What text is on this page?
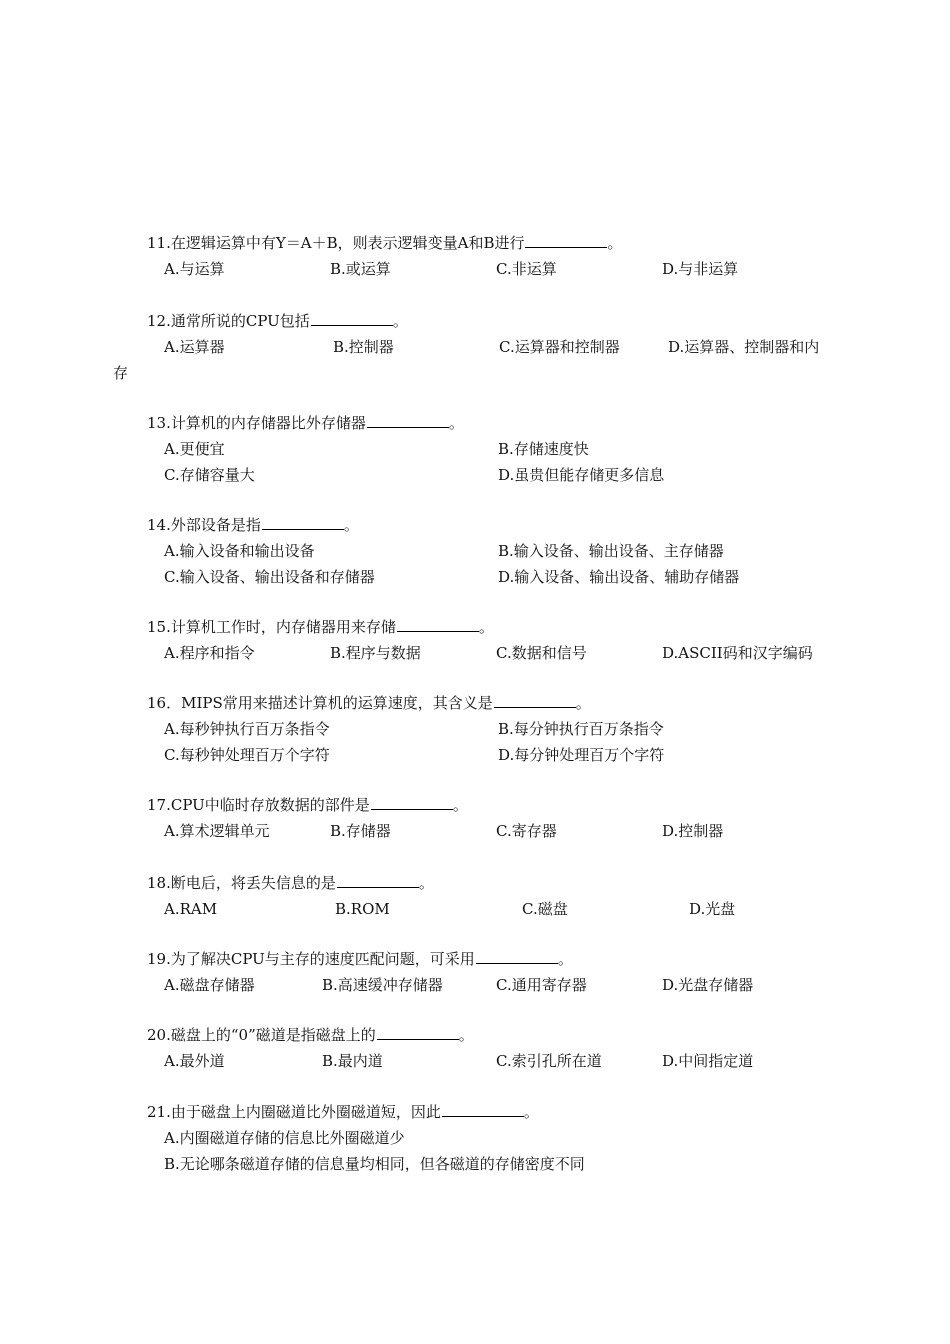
11.在逻辑运算中有Y＝A＋B，则表示逻辑变量A和B进行	。
A.与运算	B.或运算	C.非运算	D.与非运算
12.通常所说的CPU包括	。
A.运算器	B.控制器	C.运算器和控制器	D.运算器、控制器和内
存
13.计算机的内存储器比外存储器	。
A.更便宜	B.存储速度快
C.存储容量大	D.虽贵但能存储更多信息
14.外部设备是指	。
A.输入设备和输出设备	B.输入设备、输出设备、主存储器
C.输入设备、输出设备和存储器	D.输入设备、输出设备、辅助存储器
15.计算机工作时，内存储器用来存储	。
A.程序和指令	B.程序与数据	C.数据和信号	D.ASCII码和汉字编码
16．MIPS常用来描述计算机的运算速度，其含义是	。
A.每秒钟执行百万条指令	B.每分钟执行百万条指令
C.每秒钟处理百万个字符	D.每分钟处理百万个字符
17.CPU中临时存放数据的部件是	。
A.算术逻辑单元	B.存储器	C.寄存器	D.控制器
18.断电后，将丢失信息的是	。
A.RAM	B.ROM	C.磁盘	D.光盘
19.为了解决CPU与主存的速度匹配问题，可采用	。
A.磁盘存储器	B.高速缓冲存储器	C.通用寄存器	D.光盘存储器
20.磁盘上的“0”磁道是指磁盘上的	。
A.最外道	B.最内道	C.索引孔所在道	D.中间指定道
21.由于磁盘上内圈磁道比外圈磁道短，因此	。
A.内圈磁道存储的信息比外圈磁道少
B.无论哪条磁道存储的信息量均相同，但各磁道的存储密度不同
